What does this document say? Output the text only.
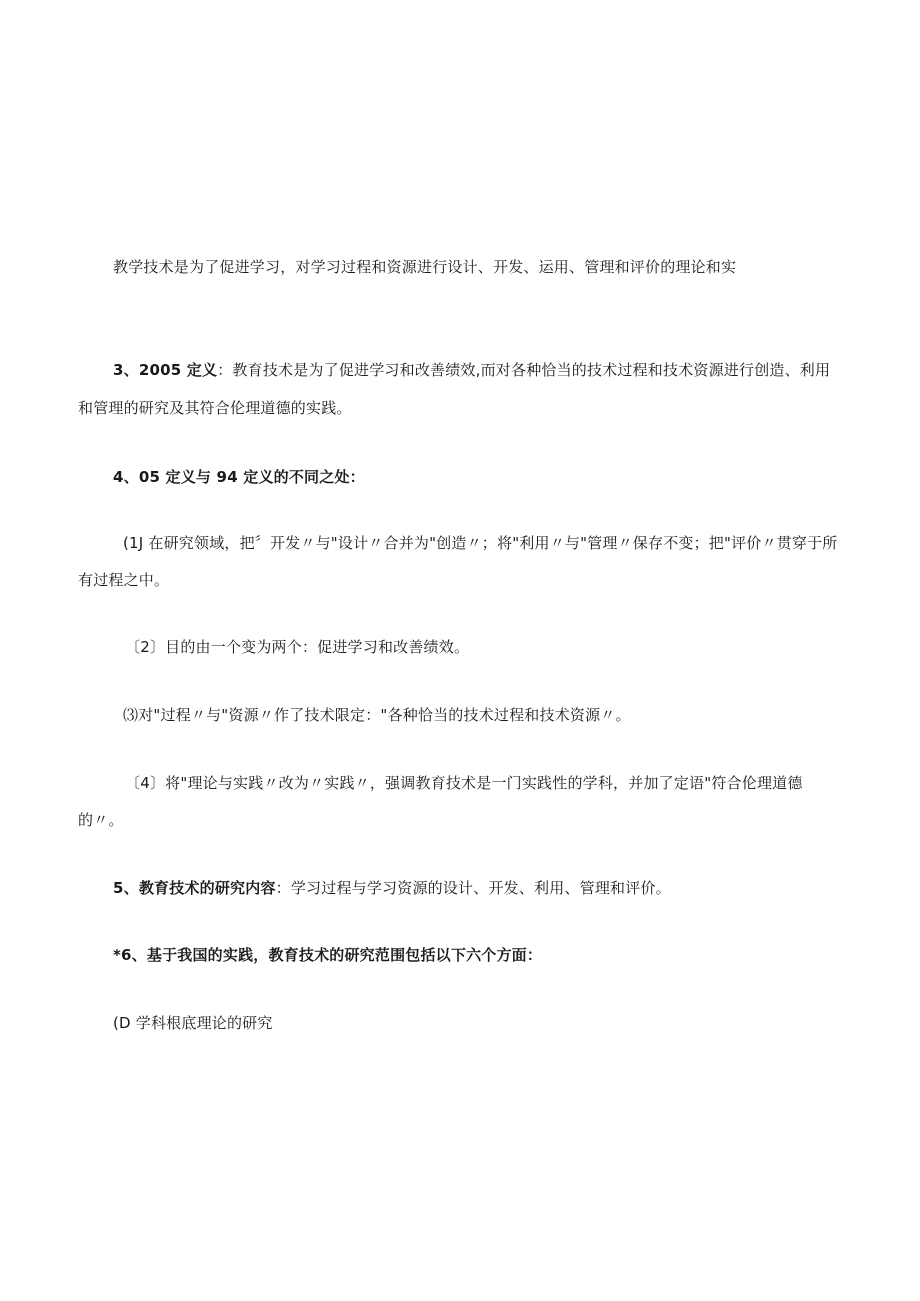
教学技术是为了促进学习，对学习过程和资源进行设计、开发、运用、管理和评价的理论和实
3、2005 定义：教育技术是为了促进学习和改善绩效,而对各种恰当的技术过程和技术资源进行创造、利用
和管理的研究及其符合伦理道德的实践。
4、05 定义与 94 定义的不同之处：
(1J 在研究领域，把〞开发〃与"设计〃合并为"创造〃；将"利用〃与"管理〃保存不变；把"评价〃贯穿于所
有过程之中。
〔2〕目的由一个变为两个：促进学习和改善绩效。
⑶对"过程〃与"资源〃作了技术限定："各种恰当的技术过程和技术资源〃。
〔4〕将"理论与实践〃改为〃实践〃，强调教育技术是一门实践性的学科，并加了定语"符合伦理道德
的〃。
5、教育技术的研究内容：学习过程与学习资源的设计、开发、利用、管理和评价。
*6、基于我国的实践，教育技术的研究范围包括以下六个方面：
(D 学科根底理论的研究
